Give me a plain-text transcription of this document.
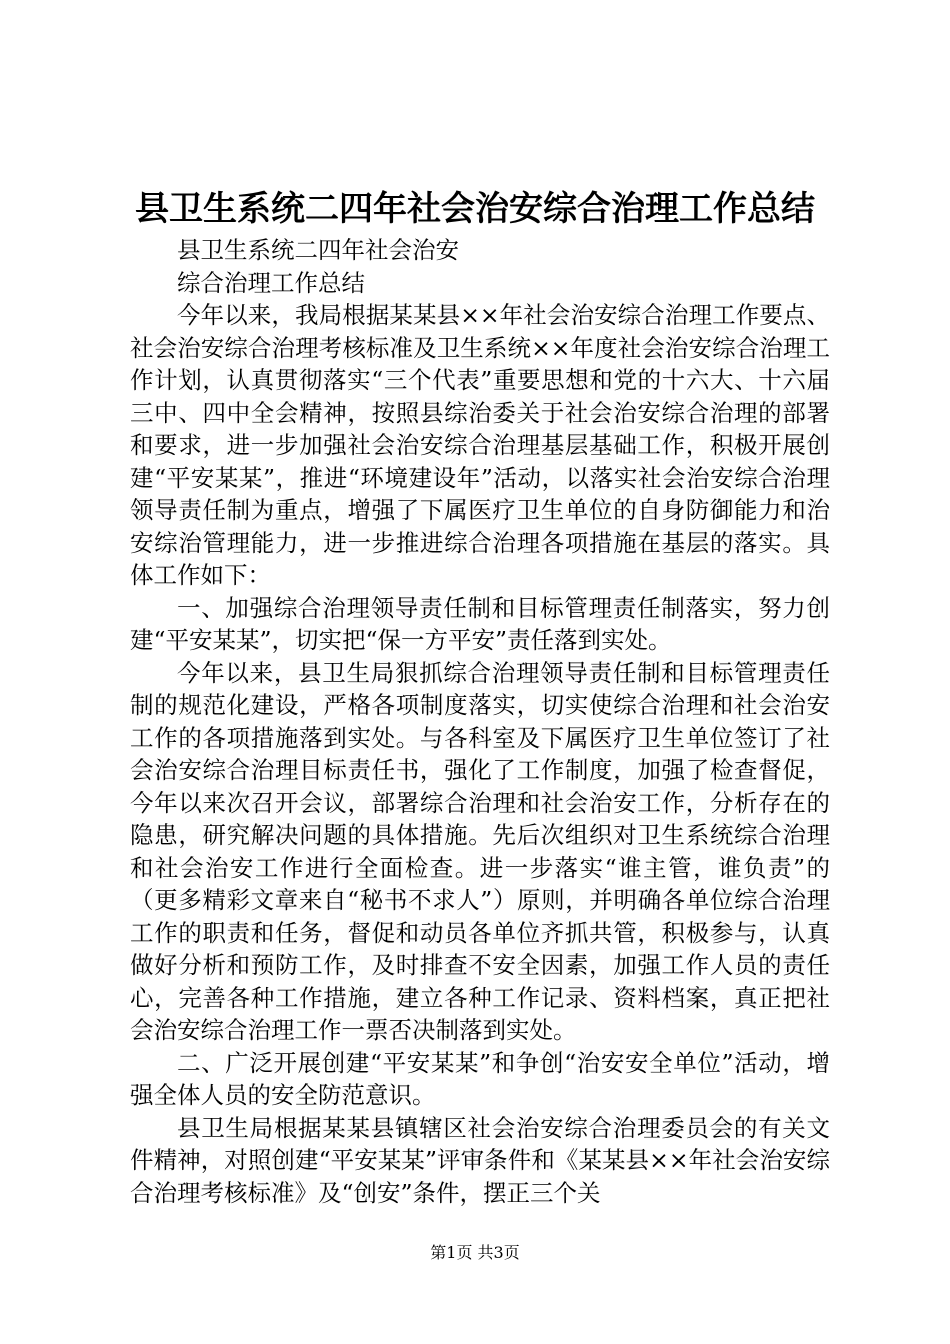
县卫生系统二四年社会治安综合治理工作总结

县卫生系统二四年社会治安

综合治理工作总结

今年以来，我局根据某某县××年社会治安综合治理工作要点、社会治安综合治理考核标准及卫生系统××年度社会治安综合治理工作计划，认真贯彻落实“三个代表”重要思想和党的十六大、十六届三中、四中全会精神，按照县综治委关于社会治安综合治理的部署和要求，进一步加强社会治安综合治理基层基础工作，积极开展创建“平安某某”，推进“环境建设年”活动，以落实社会治安综合治理领导责任制为重点，增强了下属医疗卫生单位的自身防御能力和治安综治管理能力，进一步推进综合治理各项措施在基层的落实。具体工作如下：

一、加强综合治理领导责任制和目标管理责任制落实，努力创建“平安某某”，切实把“保一方平安”责任落到实处。

今年以来，县卫生局狠抓综合治理领导责任制和目标管理责任制的规范化建设，严格各项制度落实，切实使综合治理和社会治安工作的各项措施落到实处。与各科室及下属医疗卫生单位签订了社会治安综合治理目标责任书，强化了工作制度，加强了检查督促，今年以来次召开会议，部署综合治理和社会治安工作，分析存在的隐患，研究解决问题的具体措施。先后次组织对卫生系统综合治理和社会治安工作进行全面检查。进一步落实“谁主管，谁负责”的（更多精彩文章来自“秘书不求人”）原则，并明确各单位综合治理工作的职责和任务，督促和动员各单位齐抓共管，积极参与，认真做好分析和预防工作，及时排查不安全因素，加强工作人员的责任心，完善各种工作措施，建立各种工作记录、资料档案，真正把社会治安综合治理工作一票否决制落到实处。

二、广泛开展创建“平安某某”和争创“治安安全单位”活动，增强全体人员的安全防范意识。

县卫生局根据某某县镇辖区社会治安综合治理委员会的有关文件精神，对照创建“平安某某”评审条件和《某某县××年社会治安综合治理考核标准》及“创安”条件，摆正三个关

第1页 共3页
